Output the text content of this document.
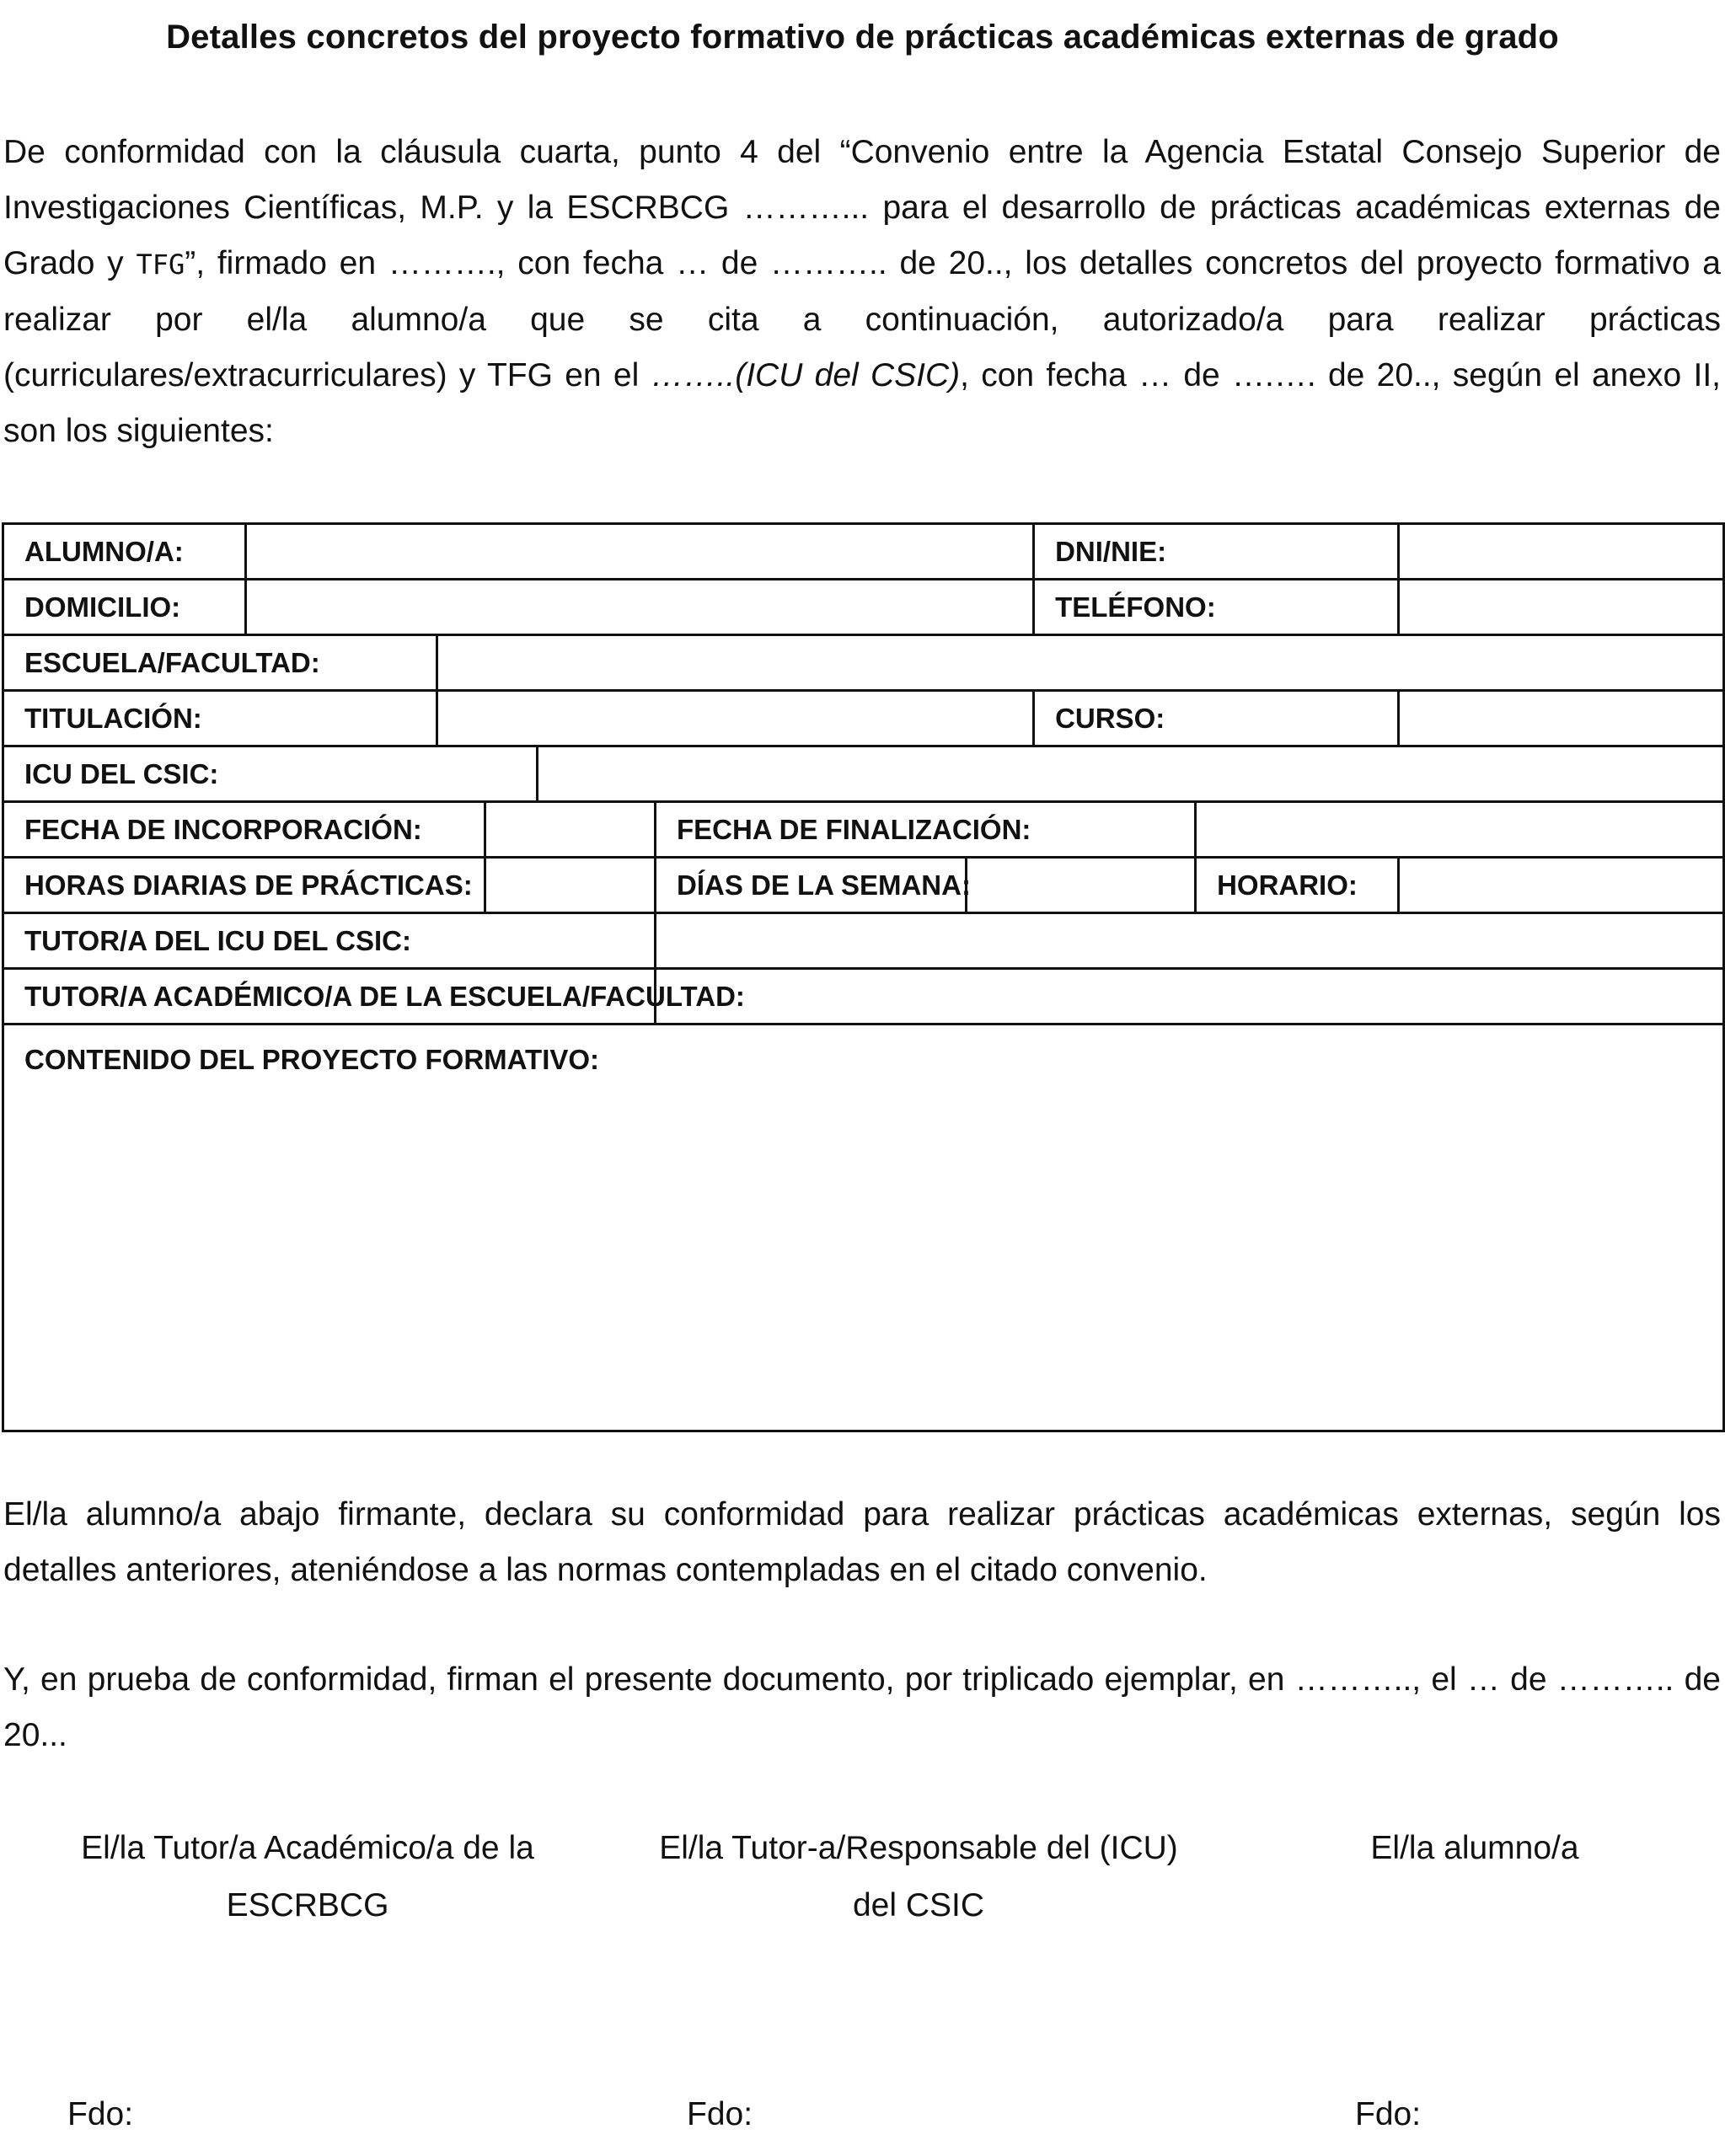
Detalles concretos del proyecto formativo de prácticas académicas externas de grado
De conformidad con la cláusula cuarta, punto 4 del “Convenio entre la Agencia Estatal Consejo Superior de Investigaciones Científicas, M.P. y la ESCRBCG ………... para el desarrollo de prácticas académicas externas de Grado y TFG”, firmado en ………., con fecha … de ……….. de 20.., los detalles concretos del proyecto formativo a realizar por el/la alumno/a que se cita a continuación, autorizado/a para realizar prácticas (curriculares/extracurriculares) y TFG en el ……..(ICU del CSIC), con fecha … de ….…. de 20.., según el anexo II, son los siguientes:
ALUMNO/A:							DNI/NIE:		
DOMICILIO:							TELÉFONO:		
ESCUELA/FACULTAD:									
TITULACIÓN:							CURSO:		
ICU DEL CSIC:									
FECHA DE INCORPORACIÓN:					FECHA DE FINALIZACIÓN:				
HORAS DIARIAS DE PRÁCTICAS:					DÍAS DE LA SEMANA:			HORARIO:	
TUTOR/A DEL ICU DEL CSIC:									
TUTOR/A ACADÉMICO/A DE LA ESCUELA/FACULTAD:									
CONTENIDO DEL PROYECTO FORMATIVO:									
El/la alumno/a abajo firmante, declara su conformidad para realizar prácticas académicas externas, según los detalles anteriores, ateniéndose a las normas contempladas en el citado convenio.
Y, en prueba de conformidad, firman el presente documento, por triplicado ejemplar, en ……….., el … de ……….. de 20...
El/la Tutor/a Académico/a de la
ESCRBCG
El/la Tutor-a/Responsable del (ICU)
del CSIC
El/la alumno/a
Fdo:	Fdo:	Fdo:
